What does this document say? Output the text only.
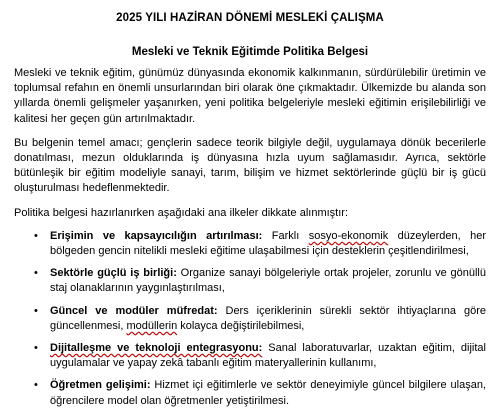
2025 YILI HAZİRAN DÖNEMİ MESLEKİ ÇALIŞMA
Mesleki ve Teknik Eğitimde Politika Belgesi

Mesleki ve teknik eğitim, günümüz dünyasında ekonomik kalkınmanın, sürdürülebilir üretimin ve toplumsal refahın en önemli unsurlarından biri olarak öne çıkmaktadır. Ülkemizde bu alanda son yıllarda önemli gelişmeler yaşanırken, yeni politika belgeleriyle mesleki eğitimin erişilebilirliği ve kalitesi her geçen gün artırılmaktadır.

Bu belgenin temel amacı; gençlerin sadece teorik bilgiyle değil, uygulamaya dönük becerilerle donatılması, mezun olduklarında iş dünyasına hızla uyum sağlamasıdır. Ayrıca, sektörle bütünleşik bir eğitim modeliyle sanayi, tarım, bilişim ve hizmet sektörlerinde güçlü bir iş gücü oluşturulması hedeflenmektedir.

Politika belgesi hazırlanırken aşağıdaki ana ilkeler dikkate alınmıştır:

• Erişimin ve kapsayıcılığın artırılması: Farklı sosyo-ekonomik düzeylerden, her bölgeden gencin nitelikli mesleki eğitime ulaşabilmesi için desteklerin çeşitlendirilmesi,
• Sektörle güçlü iş birliği: Organize sanayi bölgeleriyle ortak projeler, zorunlu ve gönüllü staj olanaklarının yaygınlaştırılması,
• Güncel ve modüler müfredat: Ders içeriklerinin sürekli sektör ihtiyaçlarına göre güncellenmesi, modüllerin kolayca değiştirilebilmesi,
• Dijitalleşme ve teknoloji entegrasyonu: Sanal laboratuvarlar, uzaktan eğitim, dijital uygulamalar ve yapay zekâ tabanlı eğitim materyallerinin kullanımı,
• Öğretmen gelişimi: Hizmet içi eğitimlerle ve sektör deneyimiyle güncel bilgilere ulaşan, öğrencilere model olan öğretmenler yetiştirilmesi.
